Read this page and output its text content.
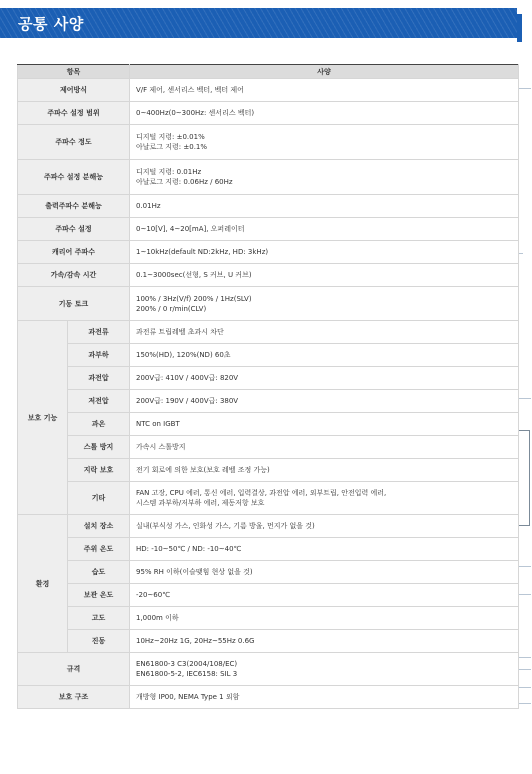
공통 사양
항목		사양
제어방식		V/F 제어, 센서리스 벡터, 벡터 제어
주파수 설정 범위		0~400Hz(0~300Hz: 센서리스 벡터)
주파수 정도		디지털 지령: ±0.01%
아날로그 지령: ±0.1%
주파수 설정 분해능		디지털 지령: 0.01Hz
아날로그 지령: 0.06Hz / 60Hz
출력주파수 분해능		0.01Hz
주파수 설정		0~10[V], 4~20[mA], 오퍼레이터
캐리어 주파수		1~10kHz(default ND:2kHz, HD: 3kHz)
가속/감속 시간		0.1~3000sec(선형, S 커브, U 커브)
기동 토크		100% / 3Hz(V/f) 200% / 1Hz(SLV)
200% / 0 r/min(CLV)
보호 기능	과전류	과전류 트립레벨 초과시 차단
	과부하	150%(HD), 120%(ND) 60초
	과전압	200V급: 410V / 400V급: 820V
	저전압	200V급: 190V / 400V급: 380V
	과온	NTC on IGBT
	스톨 방지	가속시 스톨방지
	지락 보호	전기 회로에 의한 보호(보호 레벨 조정 가능)
	기타	FAN 고장, CPU 에러, 통신 에러, 입력결상, 과전압 에러, 외부트립, 안전입력 에러,
시스템 과부하/저부하 에러, 제동저항 보호
환경	설치 장소	실내(부식성 가스, 인화성 가스, 기름 방울, 먼지가 없을 것)
	주위 온도	HD: -10~50℃ / ND: -10~40℃
	습도	95% RH 이하(이슬맺힘 현상 없을 것)
	보관 온도	-20~60℃
	고도	1,000m 이하
	진동	10Hz~20Hz 1G, 20Hz~55Hz 0.6G
규격		EN61800-3 C3(2004/108/EC)
EN61800-5-2, IEC6158: SIL 3
보호 구조		개방형 IP00, NEMA Type 1 외함
